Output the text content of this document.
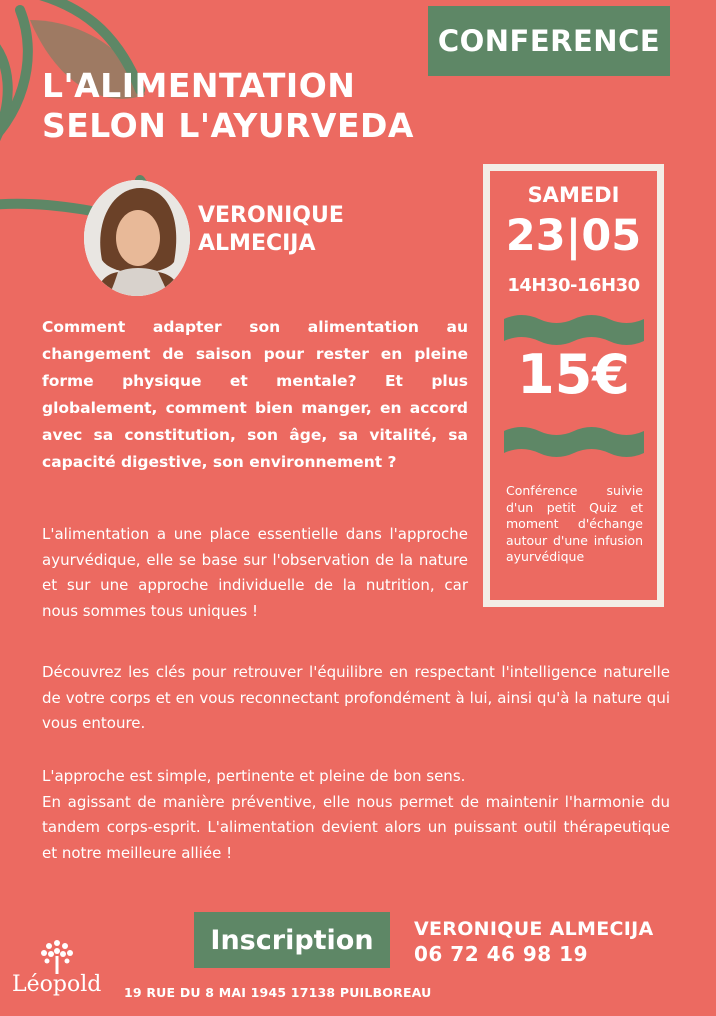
CONFERENCE
L'ALIMENTATION
SELON L'AYURVEDA
VERONIQUE
ALMECIJA
Comment adapter son alimentation au changement de saison pour rester en pleine forme physique et mentale? Et plus globalement, comment bien manger, en accord avec sa constitution, son âge, sa vitalité, sa capacité digestive, son environnement ?
L'alimentation a une place essentielle dans l'approche ayurvédique, elle se base sur l'observation de la nature et sur une approche individuelle de la nutrition, car nous sommes tous uniques !
Découvrez les clés pour retrouver l'équilibre en respectant l'intelligence naturelle de votre corps et en vous reconnectant profondément à lui, ainsi qu'à la nature qui vous entoure.
L'approche est simple, pertinente et pleine de bon sens.
En agissant de manière préventive, elle nous permet de maintenir l'harmonie du tandem corps-esprit. L'alimentation devient alors un puissant outil thérapeutique et notre meilleure alliée !
SAMEDI
23|05
14H30-16H30
15€
Conférence suivie d'un petit Quiz et moment d'échange autour d'une infusion ayurvédique
Inscription VERONIQUE ALMECIJA
06 72 46 98 19
Léopold 19 RUE DU 8 MAI 1945 17138 PUILBOREAU
